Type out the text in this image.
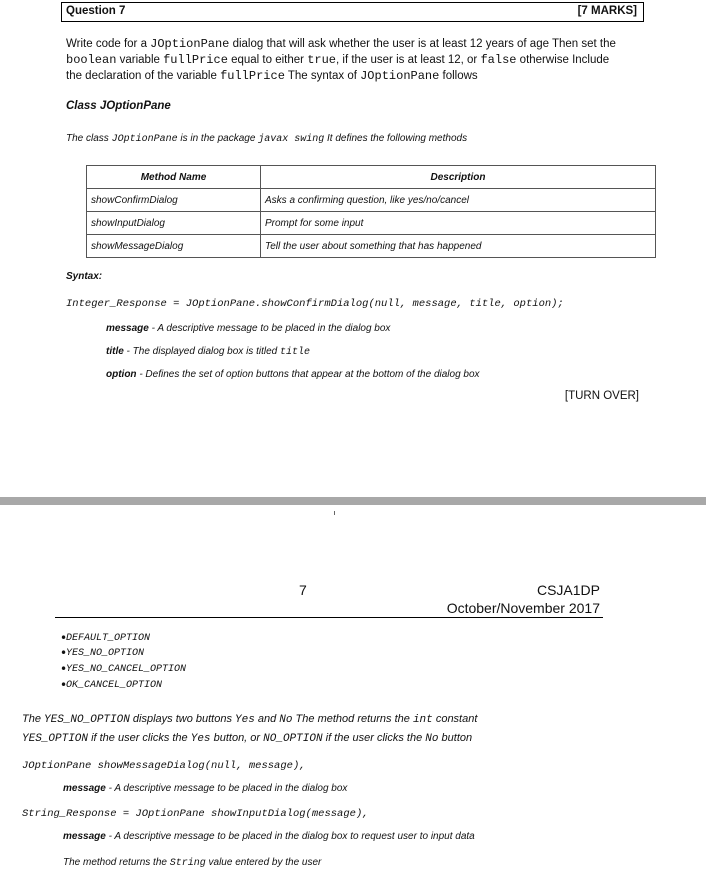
Question 7	[7 MARKS]
Write code for a JOptionPane dialog that will ask whether the user is at least 12 years of age Then set the
boolean variable fullPrice equal to either true, if the user is at least 12, or false otherwise Include
the declaration of the variable fullPrice The syntax of JOptionPane follows
Class JOptionPane
The class JOptionPane is in the package javax swing It defines the following methods
Method Name	Description
showConfirmDialog	Asks a confirming question, like yes/no/cancel
showInputDialog	Prompt for some input
showMessageDialog	Tell the user about something that has happened
Syntax:
Integer_Response = JOptionPane.showConfirmDialog(null, message, title, option);
message - A descriptive message to be placed in the dialog box
title - The displayed dialog box is titled title
option - Defines the set of option buttons that appear at the bottom of the dialog box
[TURN OVER]
7	CSJA1DP
October/November 2017
• DEFAULT_OPTION
• YES_NO_OPTION
• YES_NO_CANCEL_OPTION
• OK_CANCEL_OPTION
The YES_NO_OPTION displays two buttons Yes and No The method returns the int constant
YES_OPTION if the user clicks the Yes button, or NO_OPTION if the user clicks the No button
JOptionPane showMessageDialog(null, message),
message - A descriptive message to be placed in the dialog box
String_Response = JOptionPane showInputDialog(message),
message - A descriptive message to be placed in the dialog box to request user to input data
The method returns the String value entered by the user
